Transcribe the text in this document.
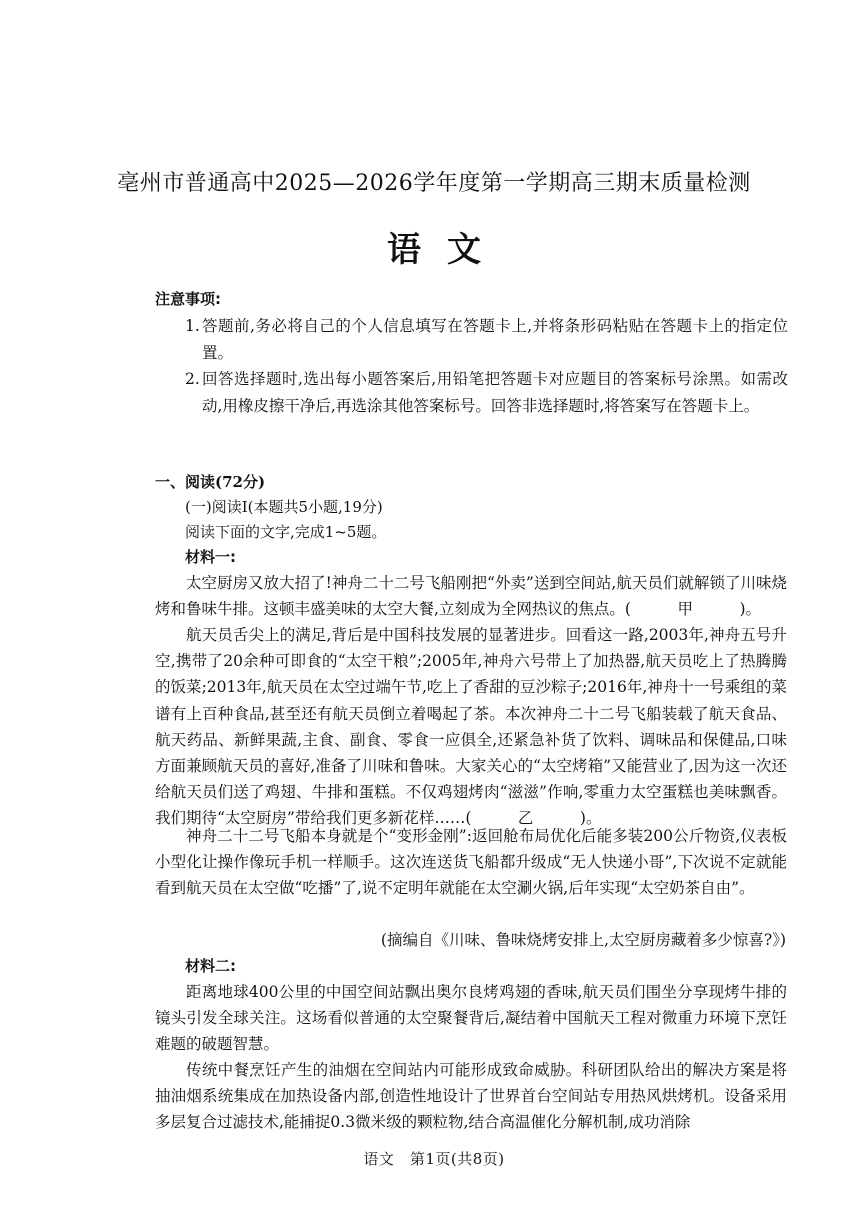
亳州市普通高中2025—2026学年度第一学期高三期末质量检测
语文
注意事项:
1. 答题前,务必将自己的个人信息填写在答题卡上,并将条形码粘贴在答题卡上的指定位置。
2. 回答选择题时,选出每小题答案后,用铅笔把答题卡对应题目的答案标号涂黑。如需改动,用橡皮擦干净后,再选涂其他答案标号。回答非选择题时,将答案写在答题卡上。
一、阅读(72分)
(一)阅读Ⅰ(本题共5小题,19分)
阅读下面的文字,完成1~5题。
材料一:
太空厨房又放大招了!神舟二十二号飞船刚把“外卖”送到空间站,航天员们就解锁了川味烧烤和鲁味牛排。这顿丰盛美味的太空大餐,立刻成为全网热议的焦点。(　　　甲　　　)。
航天员舌尖上的满足,背后是中国科技发展的显著进步。回看这一路,2003年,神舟五号升空,携带了20余种可即食的“太空干粮”;2005年,神舟六号带上了加热器,航天员吃上了热腾腾的饭菜;2013年,航天员在太空过端午节,吃上了香甜的豆沙粽子;2016年,神舟十一号乘组的菜谱有上百种食品,甚至还有航天员倒立着喝起了茶。本次神舟二十二号飞船装载了航天食品、航天药品、新鲜果蔬,主食、副食、零食一应俱全,还紧急补货了饮料、调味品和保健品,口味方面兼顾航天员的喜好,准备了川味和鲁味。大家关心的“太空烤箱”又能营业了,因为这一次还给航天员们送了鸡翅、牛排和蛋糕。不仅鸡翅烤肉“滋滋”作响,零重力太空蛋糕也美味飘香。我们期待“太空厨房”带给我们更多新花样……(　　　乙　　　)。
神舟二十二号飞船本身就是个“变形金刚”:返回舱布局优化后能多装200公斤物资,仪表板小型化让操作像玩手机一样顺手。这次连送货飞船都升级成“无人快递小哥”,下次说不定就能看到航天员在太空做“吃播”了,说不定明年就能在太空涮火锅,后年实现“太空奶茶自由”。
(摘编自《川味、鲁味烧烤安排上,太空厨房藏着多少惊喜?》)
材料二:
距离地球400公里的中国空间站飘出奥尔良烤鸡翅的香味,航天员们围坐分享现烤牛排的镜头引发全球关注。这场看似普通的太空聚餐背后,凝结着中国航天工程对微重力环境下烹饪难题的破题智慧。
传统中餐烹饪产生的油烟在空间站内可能形成致命威胁。科研团队给出的解决方案是将抽油烟系统集成在加热设备内部,创造性地设计了世界首台空间站专用热风烘烤机。设备采用多层复合过滤技术,能捕捉0.3微米级的颗粒物,结合高温催化分解机制,成功消除
语文　第1页(共8页)
